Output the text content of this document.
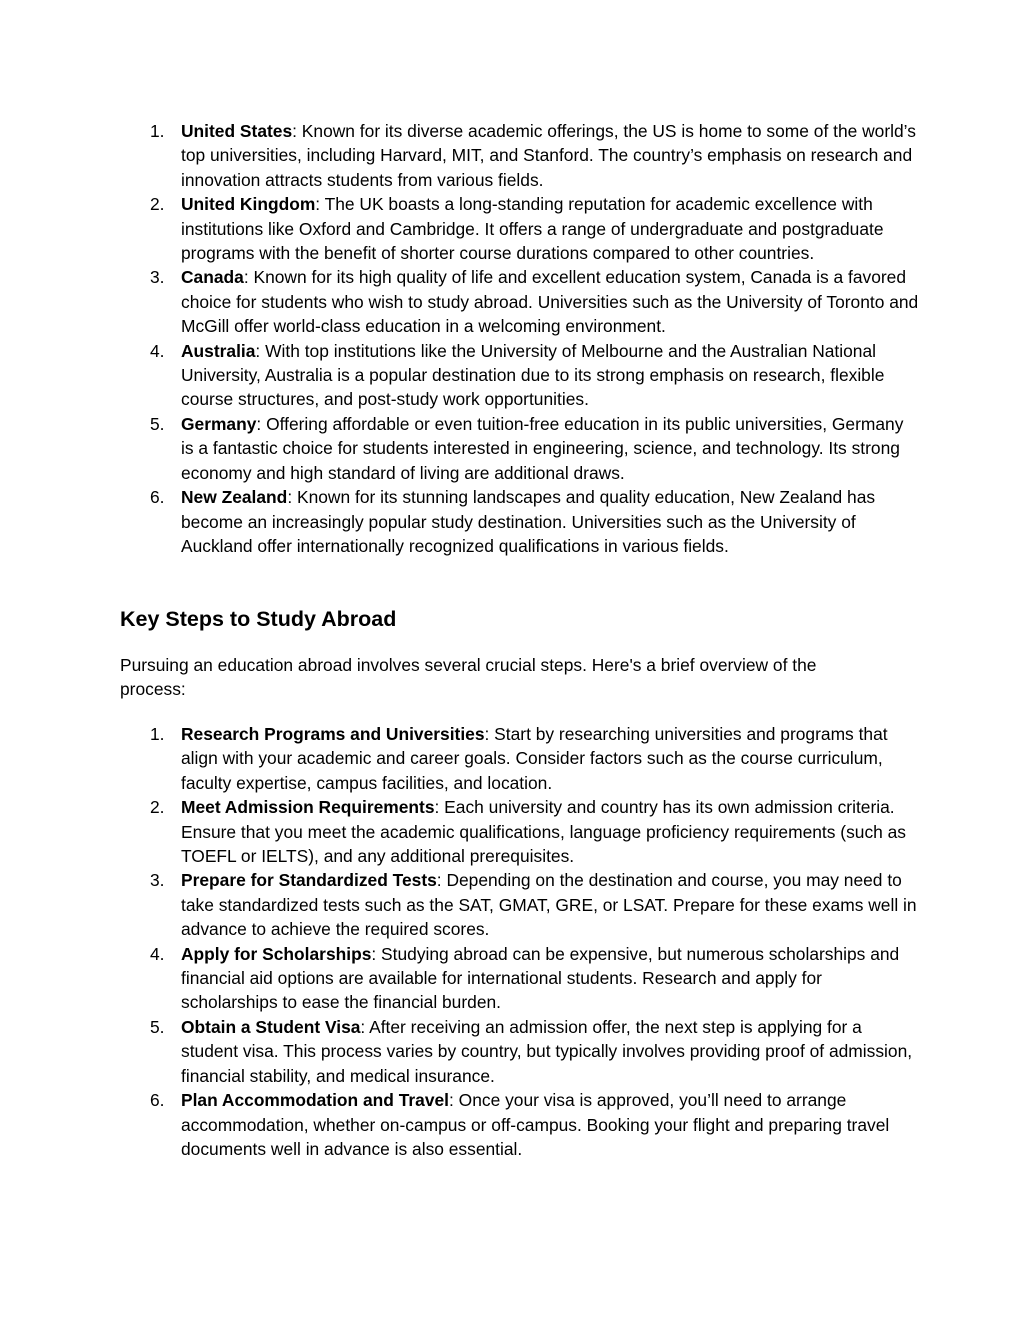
1. United States: Known for its diverse academic offerings, the US is home to some of the world’s top universities, including Harvard, MIT, and Stanford. The country’s emphasis on research and innovation attracts students from various fields.
2. United Kingdom: The UK boasts a long-standing reputation for academic excellence with institutions like Oxford and Cambridge. It offers a range of undergraduate and postgraduate programs with the benefit of shorter course durations compared to other countries.
3. Canada: Known for its high quality of life and excellent education system, Canada is a favored choice for students who wish to study abroad. Universities such as the University of Toronto and McGill offer world-class education in a welcoming environment.
4. Australia: With top institutions like the University of Melbourne and the Australian National University, Australia is a popular destination due to its strong emphasis on research, flexible course structures, and post-study work opportunities.
5. Germany: Offering affordable or even tuition-free education in its public universities, Germany is a fantastic choice for students interested in engineering, science, and technology. Its strong economy and high standard of living are additional draws.
6. New Zealand: Known for its stunning landscapes and quality education, New Zealand has become an increasingly popular study destination. Universities such as the University of Auckland offer internationally recognized qualifications in various fields.
Key Steps to Study Abroad

Pursuing an education abroad involves several crucial steps. Here's a brief overview of the process:

1. Research Programs and Universities: Start by researching universities and programs that align with your academic and career goals. Consider factors such as the course curriculum, faculty expertise, campus facilities, and location.
2. Meet Admission Requirements: Each university and country has its own admission criteria. Ensure that you meet the academic qualifications, language proficiency requirements (such as TOEFL or IELTS), and any additional prerequisites.
3. Prepare for Standardized Tests: Depending on the destination and course, you may need to take standardized tests such as the SAT, GMAT, GRE, or LSAT. Prepare for these exams well in advance to achieve the required scores.
4. Apply for Scholarships: Studying abroad can be expensive, but numerous scholarships and financial aid options are available for international students. Research and apply for scholarships to ease the financial burden.
5. Obtain a Student Visa: After receiving an admission offer, the next step is applying for a student visa. This process varies by country, but typically involves providing proof of admission, financial stability, and medical insurance.
6. Plan Accommodation and Travel: Once your visa is approved, you’ll need to arrange accommodation, whether on-campus or off-campus. Booking your flight and preparing travel documents well in advance is also essential.
